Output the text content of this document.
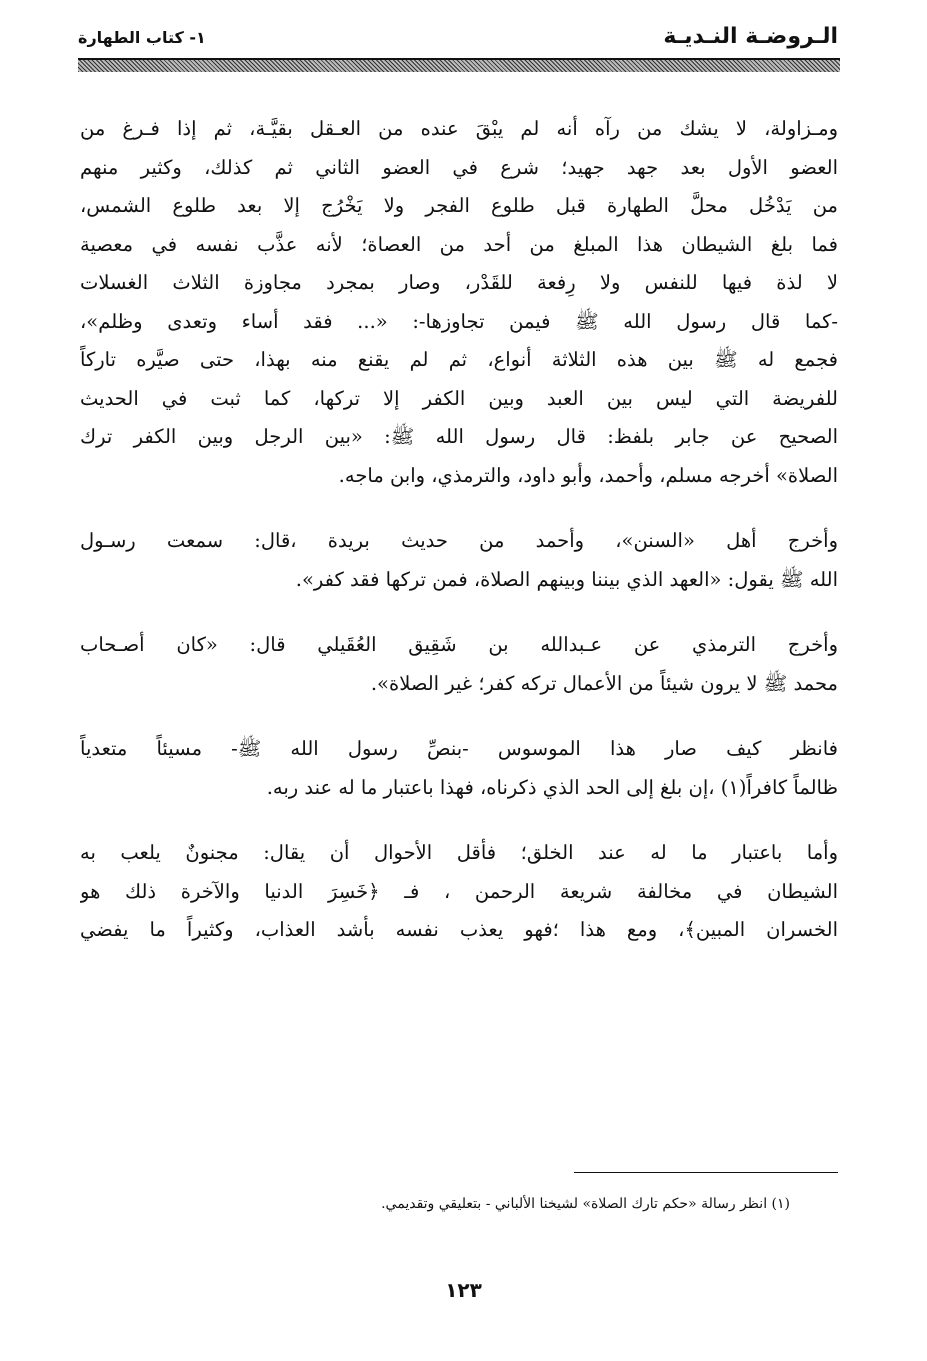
الـروضـة النـديـة
١- كتاب الطهارة

ومـزاولة، لا يشك من رآه أنه لم يبْقَ عنده من العـقل بقيَّـة، ثم إذا فـرغ من
العضو الأول بعد جهد جهيد؛ شرع في العضو الثاني ثم كذلك، وكثير منهم
من يَدْخُل محلَّ الطهارة قبل طلوع الفجر ولا يَخْرُج إلا بعد طلوع الشمس،
فما بلغ الشيطان هذا المبلغ من أحد من العصاة؛ لأنه عذَّب نفسه في معصية
لا لذة فيها للنفس ولا رِفعة للقَدْر، وصار بمجرد مجاوزة الثلاث الغسلات
-كما قال رسول الله ﷺ فيمن تجاوزها-: «... فقد أساء وتعدى وظلم»،
فجمع له ﷺ بين هذه الثلاثة أنواع، ثم لم يقنع منه بهذا، حتى صيَّره تاركاً
للفريضة التي ليس بين العبد وبين الكفر إلا تركها، كما ثبت في الحديث
الصحيح عن جابر بلفظ: قال رسول الله ﷺ: «بين الرجل وبين الكفر ترك
الصلاة» أخرجه مسلم، وأحمد، وأبو داود، والترمذي، وابن ماجه.

وأخرج أهل «السنن»، وأحمد من حديث بريدة ،قال: سمعت رسـول
الله ﷺ يقول: «العهد الذي بيننا وبينهم الصلاة، فمن تركها فقد كفر».

وأخرج الترمذي عن عـبدالله بن شَقِيق العُقَيلي قال: «كان أصـحاب
محمد ﷺ لا يرون شيئاً من الأعمال تركه كفر؛ غير الصلاة».

فانظر كيف صار هذا الموسوس -بنصِّ رسول الله ﷺ- مسيئاً متعدياً
ظالماً كافراً(١) ،إن بلغ إلى الحد الذي ذكرناه، فهذا باعتبار ما له عند ربه.

وأما باعتبار ما له عند الخلق؛ فأقل الأحوال أن يقال: مجنونٌ يلعب به
الشيطان في مخالفة شريعة الرحمن ، فـ ﴿خَسِرَ الدنيا والآخرة ذلك هو
الخسران المبين﴾، ومع هذا ؛فهو يعذب نفسه بأشد العذاب، وكثيراً ما يفضي

(١) انظر رسالة «حكم تارك الصلاة» لشيخنا الألباني - بتعليقي وتقديمي.
١٢٣
